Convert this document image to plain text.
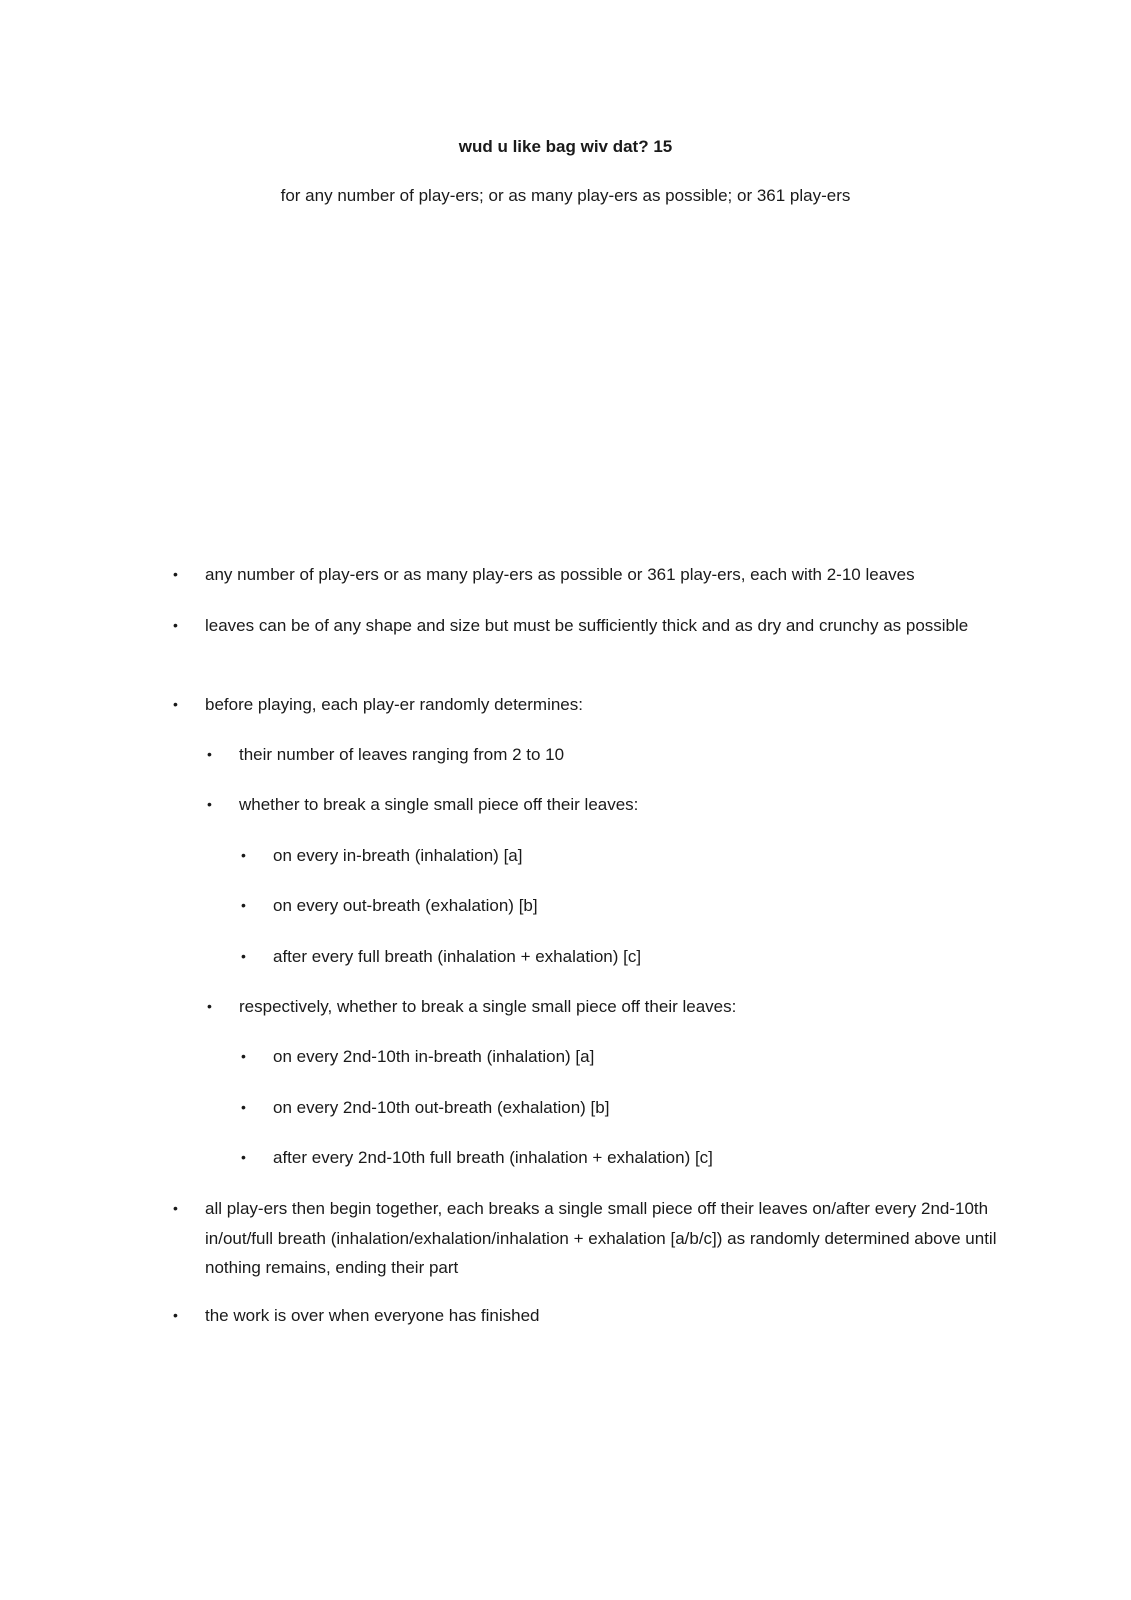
wud u like bag wiv dat? 15

for any number of play-ers; or as many play-ers as possible; or 361 play-ers

• any number of play-ers or as many play-ers as possible or 361 play-ers, each with 2-10 leaves
• leaves can be of any shape and size but must be sufficiently thick and as dry and crunchy as possible
• before playing, each play-er randomly determines:
• their number of leaves ranging from 2 to 10
• whether to break a single small piece off their leaves:
• on every in-breath (inhalation) [a]
• on every out-breath (exhalation) [b]
• after every full breath (inhalation + exhalation) [c]
• respectively, whether to break a single small piece off their leaves:
• on every 2nd-10th in-breath (inhalation) [a]
• on every 2nd-10th out-breath (exhalation) [b]
• after every 2nd-10th full breath (inhalation + exhalation) [c]
• all play-ers then begin together, each breaks a single small piece off their leaves on/after every 2nd-10th in/out/full breath (inhalation/exhalation/inhalation + exhalation [a/b/c]) as randomly determined above until nothing remains, ending their part
• the work is over when everyone has finished
